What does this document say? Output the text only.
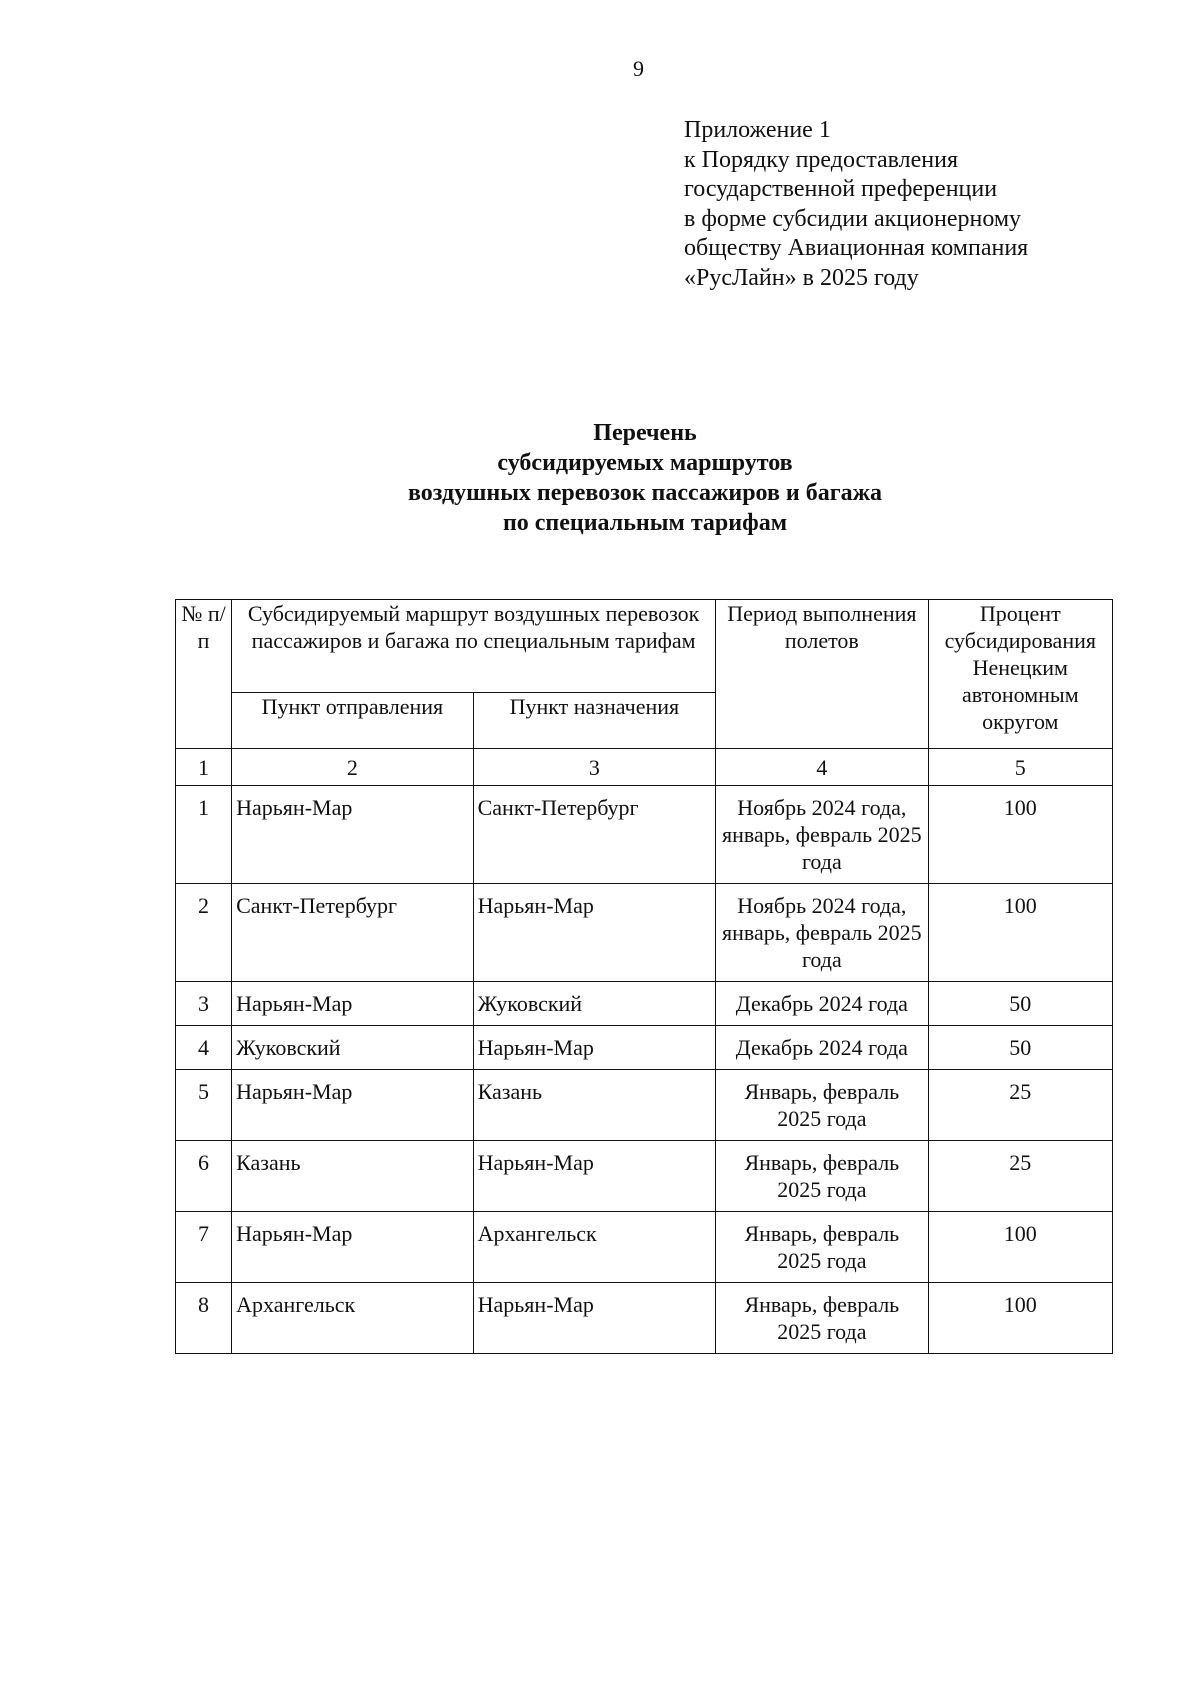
9
Приложение 1
к Порядку предоставления
государственной преференции
в форме субсидии акционерному
обществу Авиационная компания
«РусЛайн» в 2025 году
Перечень
субсидируемых маршрутов
воздушных перевозок пассажиров и багажа
по специальным тарифам
№ п/п	Субсидируемый маршрут воздушных перевозок пассажиров и багажа по специальным тарифам		Период выполнения полетов	Процент субсидирования Ненецким автономным округом
	Пункт отправления	Пункт назначения		
1	2	3	4	5
1	Нарьян-Мар	Санкт-Петербург	Ноябрь 2024 года, январь, февраль 2025 года	100
2	Санкт-Петербург	Нарьян-Мар	Ноябрь 2024 года, январь, февраль 2025 года	100
3	Нарьян-Мар	Жуковский	Декабрь 2024 года	50
4	Жуковский	Нарьян-Мар	Декабрь 2024 года	50
5	Нарьян-Мар	Казань	Январь, февраль 2025 года	25
6	Казань	Нарьян-Мар	Январь, февраль 2025 года	25
7	Нарьян-Мар	Архангельск	Январь, февраль 2025 года	100
8	Архангельск	Нарьян-Мар	Январь, февраль 2025 года	100
